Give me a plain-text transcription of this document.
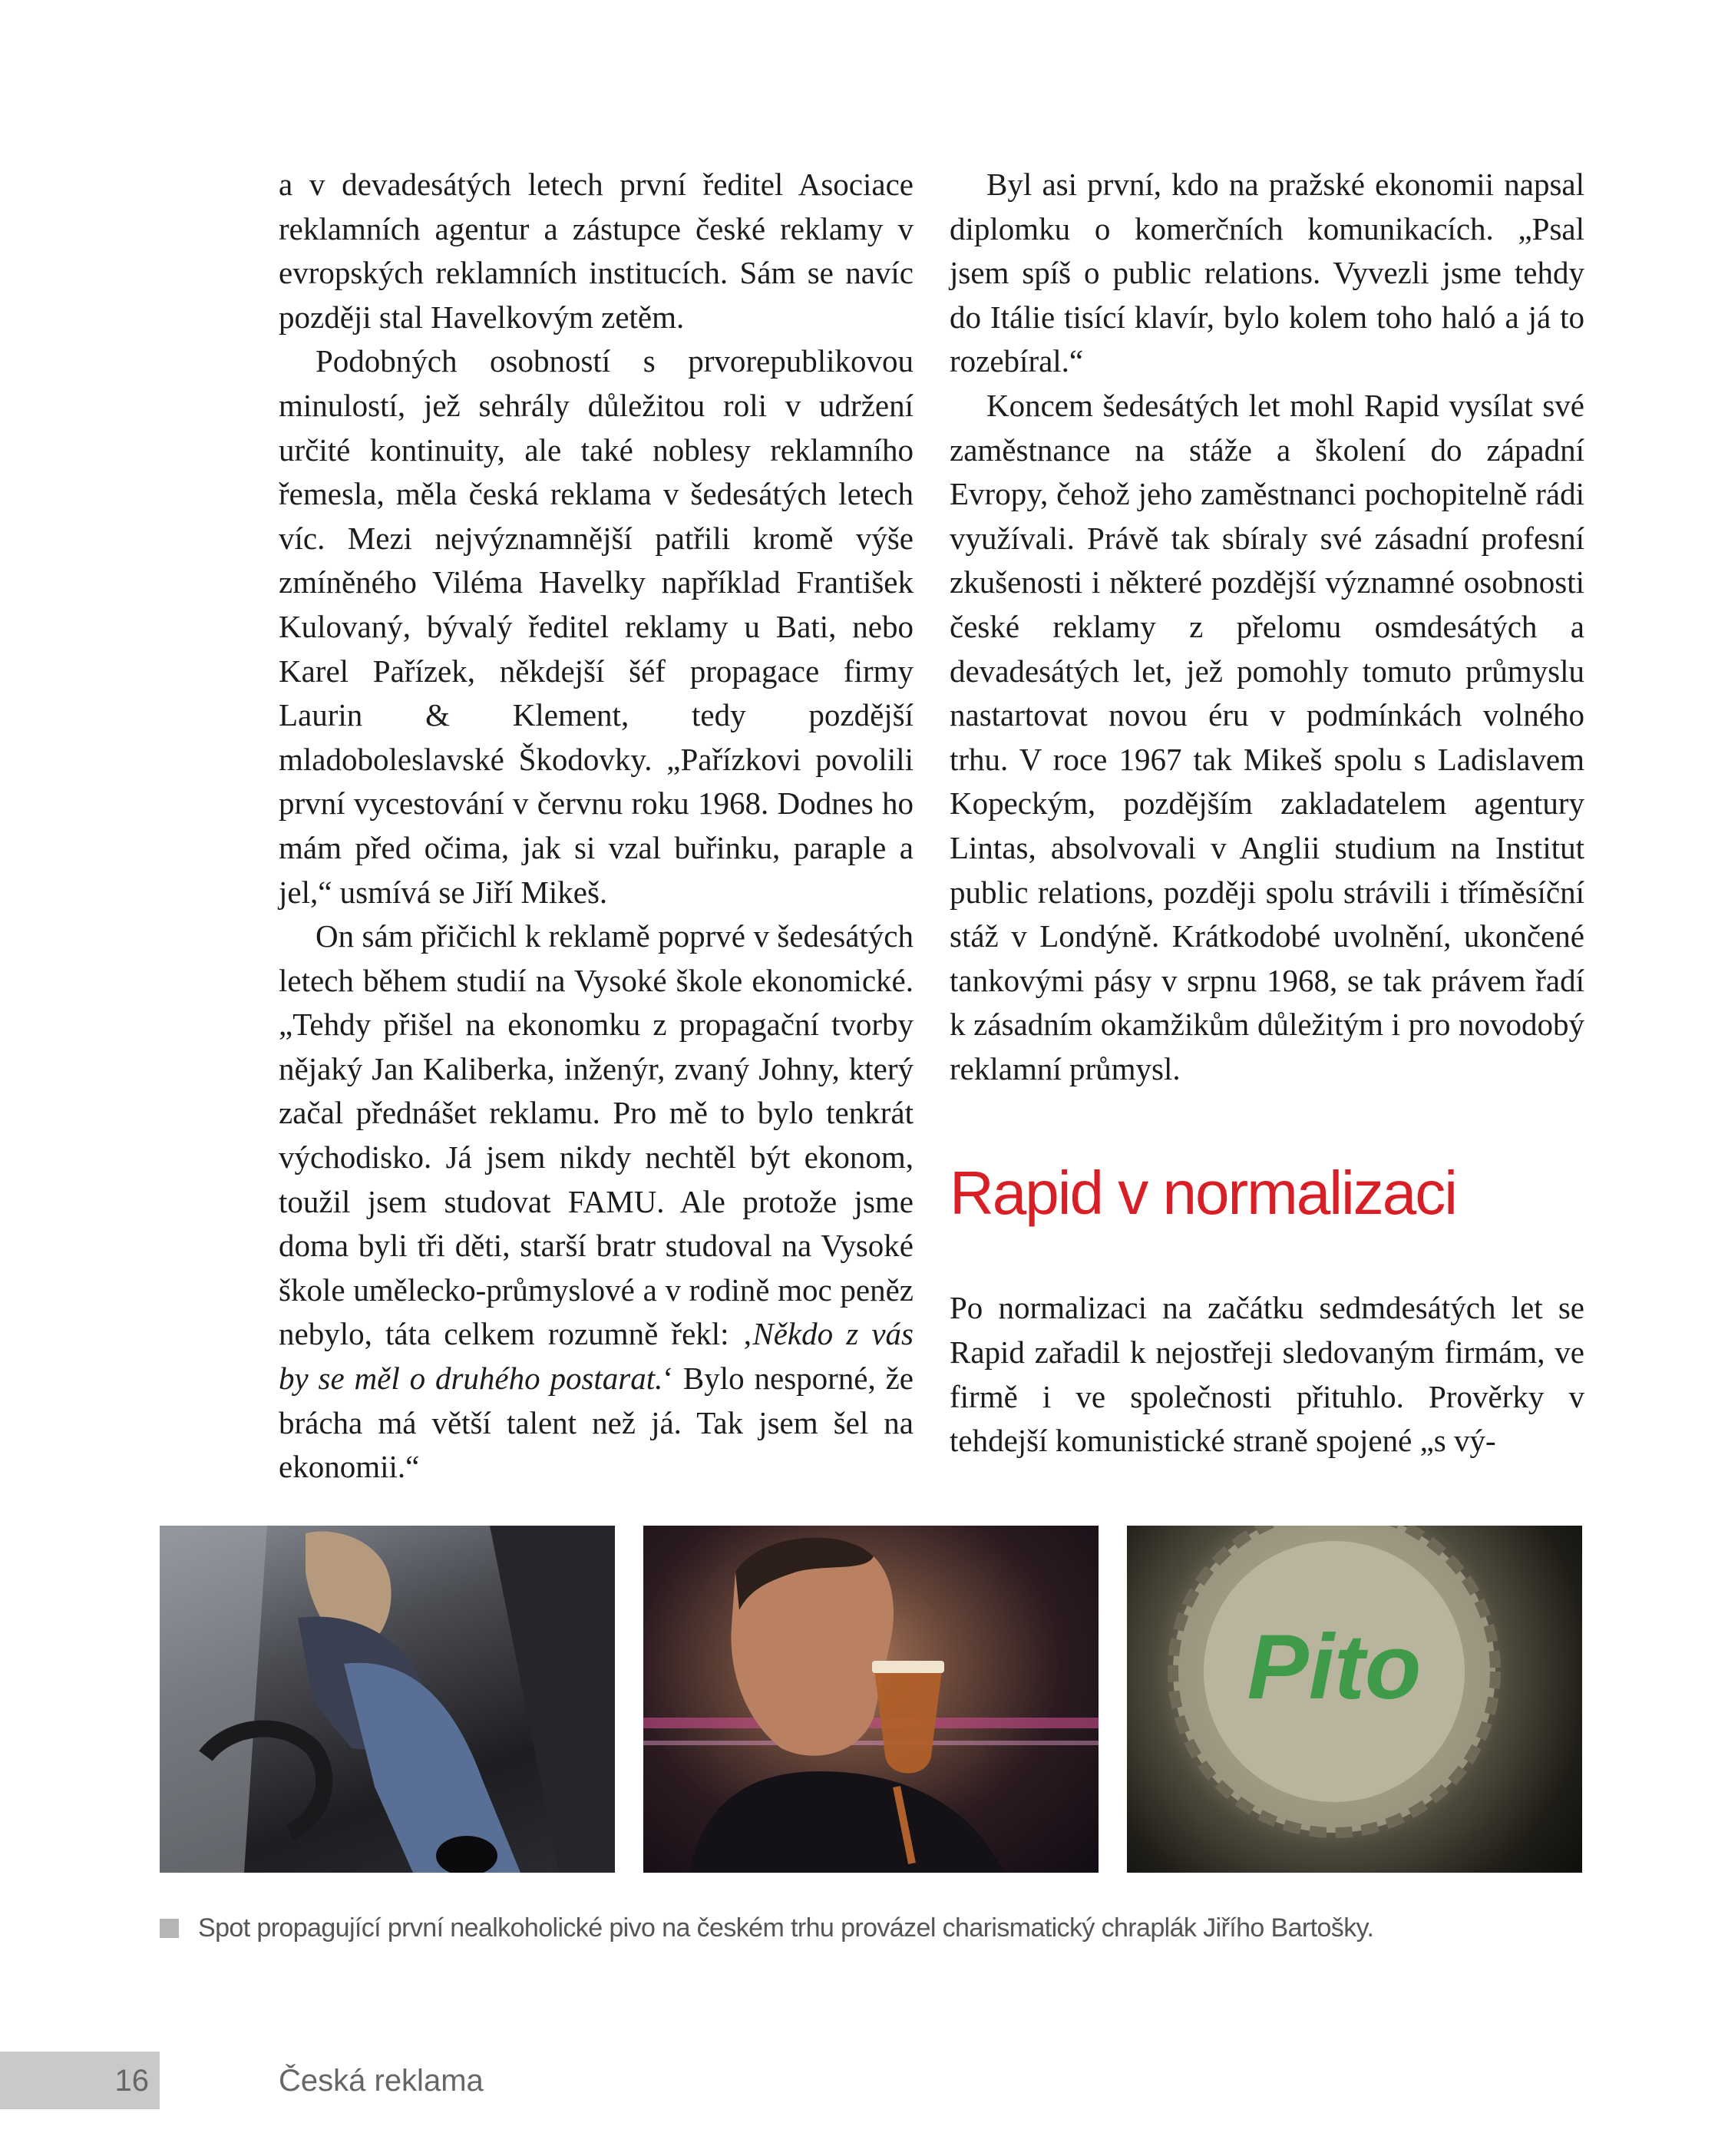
a v devadesátých letech první ředitel Asociace reklamních agentur a zástupce české reklamy v evropských reklamních institucích. Sám se navíc později stal Havelkovým zetěm.

Podobných osobností s prvorepublikovou minulostí, jež sehrály důležitou roli v udržení určité kontinuity, ale také noblesy reklamního řemesla, měla česká reklama v šedesátých letech víc. Mezi nejvýznamnější patřili kromě výše zmíněného Viléma Havelky například František Kulovaný, bývalý ředitel reklamy u Bati, nebo Karel Pařízek, někdejší šéf propagace firmy Laurin & Klement, tedy pozdější mladoboleslavské Škodovky. „Pařízkovi povolili první vycestování v červnu roku 1968. Dodnes ho mám před očima, jak si vzal buřinku, paraple a jel,“ usmívá se Jiří Mikeš.

On sám přičichl k reklamě poprvé v šedesátých letech během studií na Vysoké škole ekonomické. „Tehdy přišel na ekonomku z propagační tvorby nějaký Jan Kaliberka, inženýr, zvaný Johny, který začal přednášet reklamu. Pro mě to bylo tenkrát východisko. Já jsem nikdy nechtěl být ekonom, toužil jsem studovat FAMU. Ale protože jsme doma byli tři děti, starší bratr studoval na Vysoké škole umělecko-průmyslové a v rodině moc peněz nebylo, táta celkem rozumně řekl: ‚Někdo z vás by se měl o druhého postarat.‘ Bylo nesporné, že brácha má větší talent než já. Tak jsem šel na ekonomii.“

Byl asi první, kdo na pražské ekonomii napsal diplomku o komerčních komunikacích. „Psal jsem spíš o public relations. Vyvezli jsme tehdy do Itálie tisící klavír, bylo kolem toho haló a já to rozebíral.“

Koncem šedesátých let mohl Rapid vysílat své zaměstnance na stáže a školení do západní Evropy, čehož jeho zaměstnanci pochopitelně rádi využívali. Právě tak sbíraly své zásadní profesní zkušenosti i některé pozdější významné osobnosti české reklamy z přelomu osmdesátých a devadesátých let, jež pomohly tomuto průmyslu nastartovat novou éru v podmínkách volného trhu. V roce 1967 tak Mikeš spolu s Ladislavem Kopeckým, pozdějším zakladatelem agentury Lintas, absolvovali v Anglii studium na Institut public relations, později spolu strávili i tříměsíční stáž v Londýně. Krátkodobé uvolnění, ukončené tankovými pásy v srpnu 1968, se tak právem řadí k zásadním okamžikům důležitým i pro novodobý reklamní průmysl.

Rapid v normalizaci

Po normalizaci na začátku sedmdesátých let se Rapid zařadil k nejostřeji sledovaným firmám, ve firmě i ve společnosti přituhlo. Prověrky v tehdejší komunistické straně spojené „s vý-

Pito
Spot propagující první nealkoholické pivo na českém trhu provázel charismatický chraplák Jiřího Bartošky.
16	Česká reklama
